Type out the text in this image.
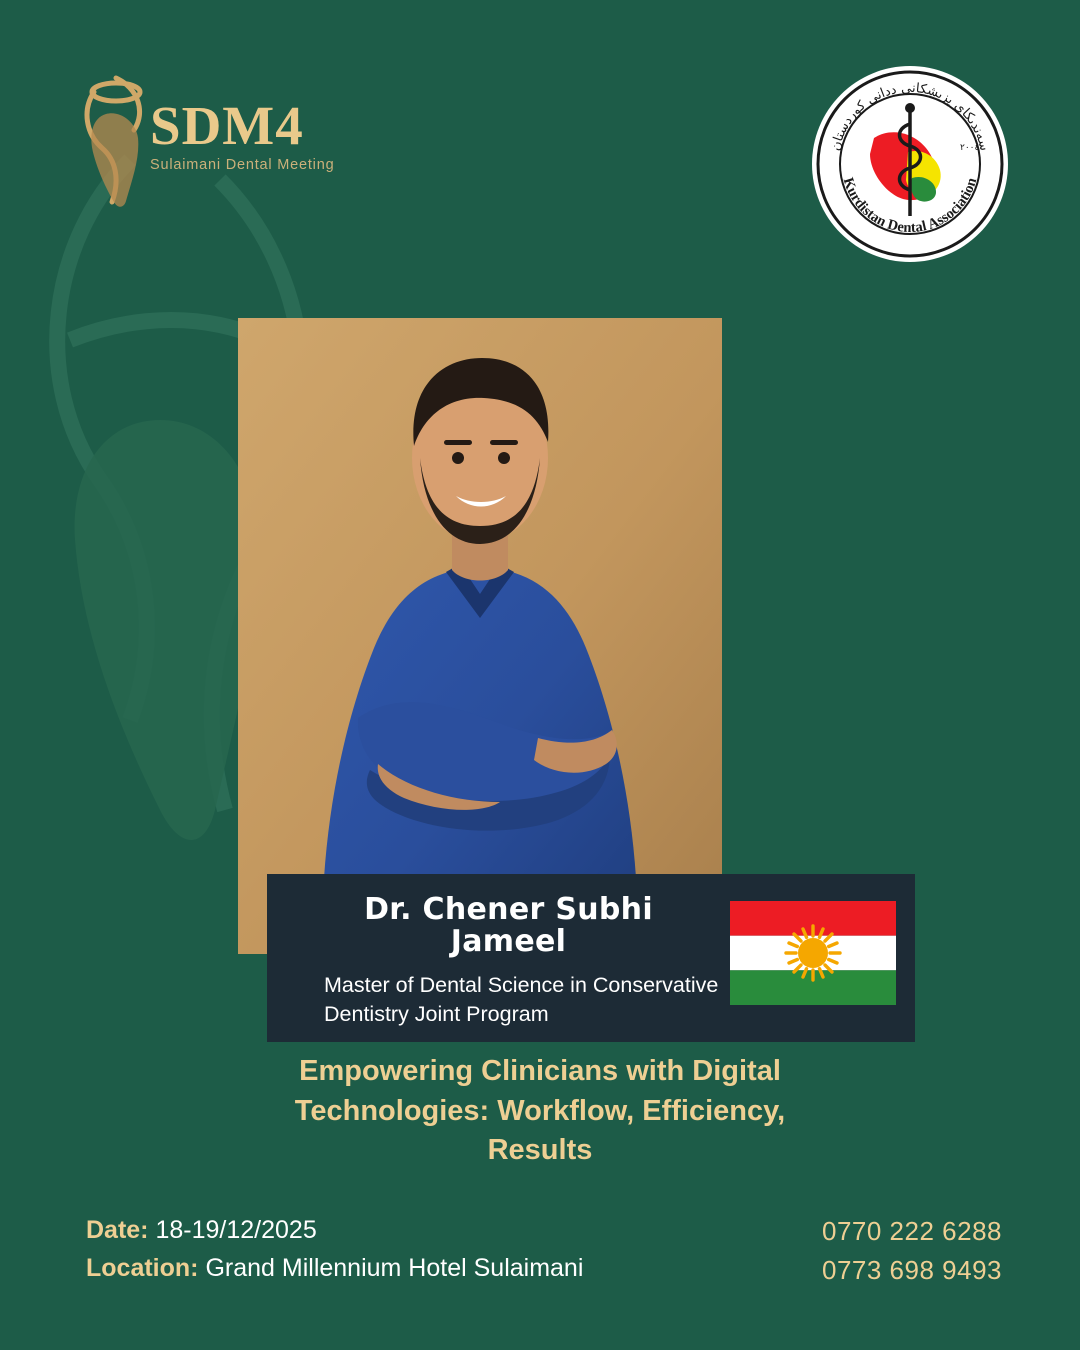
SDM4
Sulaimani Dental Meeting
سەندیکای پزیشکانی ددانی کوردستان
Kurdistan Dental Association
٢٠٠٤
Dr. Chener Subhi Jameel
Master of Dental Science in Conservative Dentistry Joint Program
Empowering Clinicians with Digital Technologies: Workflow, Efficiency, Results
Date: 18-19/12/2025
Location: Grand Millennium Hotel Sulaimani
0770 222 6288
0773 698 9493
